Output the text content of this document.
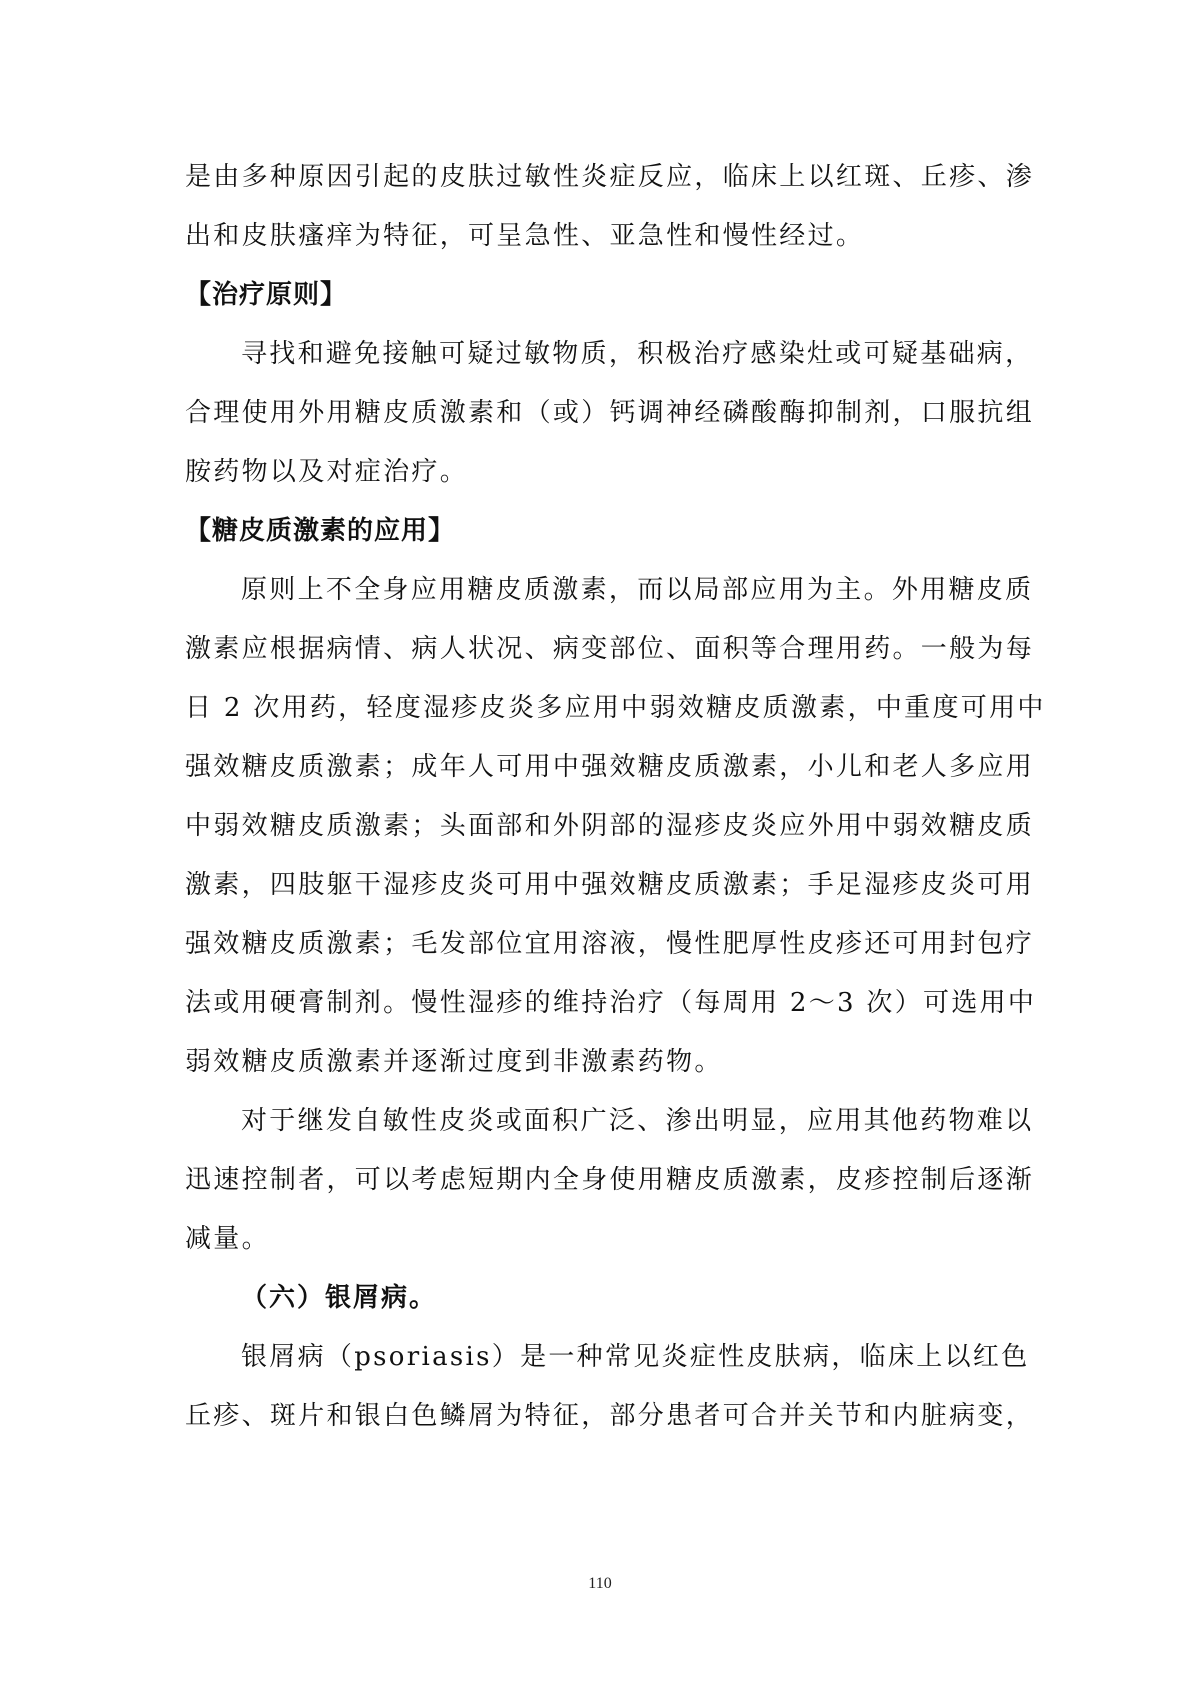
是由多种原因引起的皮肤过敏性炎症反应，临床上以红斑、丘疹、渗
出和皮肤瘙痒为特征，可呈急性、亚急性和慢性经过。
【治疗原则】
寻找和避免接触可疑过敏物质，积极治疗感染灶或可疑基础病，
合理使用外用糖皮质激素和（或）钙调神经磷酸酶抑制剂，口服抗组
胺药物以及对症治疗。
【糖皮质激素的应用】
原则上不全身应用糖皮质激素，而以局部应用为主。外用糖皮质
激素应根据病情、病人状况、病变部位、面积等合理用药。一般为每
日 2 次用药，轻度湿疹皮炎多应用中弱效糖皮质激素，中重度可用中
强效糖皮质激素；成年人可用中强效糖皮质激素，小儿和老人多应用
中弱效糖皮质激素；头面部和外阴部的湿疹皮炎应外用中弱效糖皮质
激素，四肢躯干湿疹皮炎可用中强效糖皮质激素；手足湿疹皮炎可用
强效糖皮质激素；毛发部位宜用溶液，慢性肥厚性皮疹还可用封包疗
法或用硬膏制剂。慢性湿疹的维持治疗（每周用 2～3 次）可选用中
弱效糖皮质激素并逐渐过度到非激素药物。
对于继发自敏性皮炎或面积广泛、渗出明显，应用其他药物难以
迅速控制者，可以考虑短期内全身使用糖皮质激素，皮疹控制后逐渐
减量。
（六）银屑病。
银屑病（psoriasis）是一种常见炎症性皮肤病，临床上以红色
丘疹、斑片和银白色鳞屑为特征，部分患者可合并关节和内脏病变，
110
